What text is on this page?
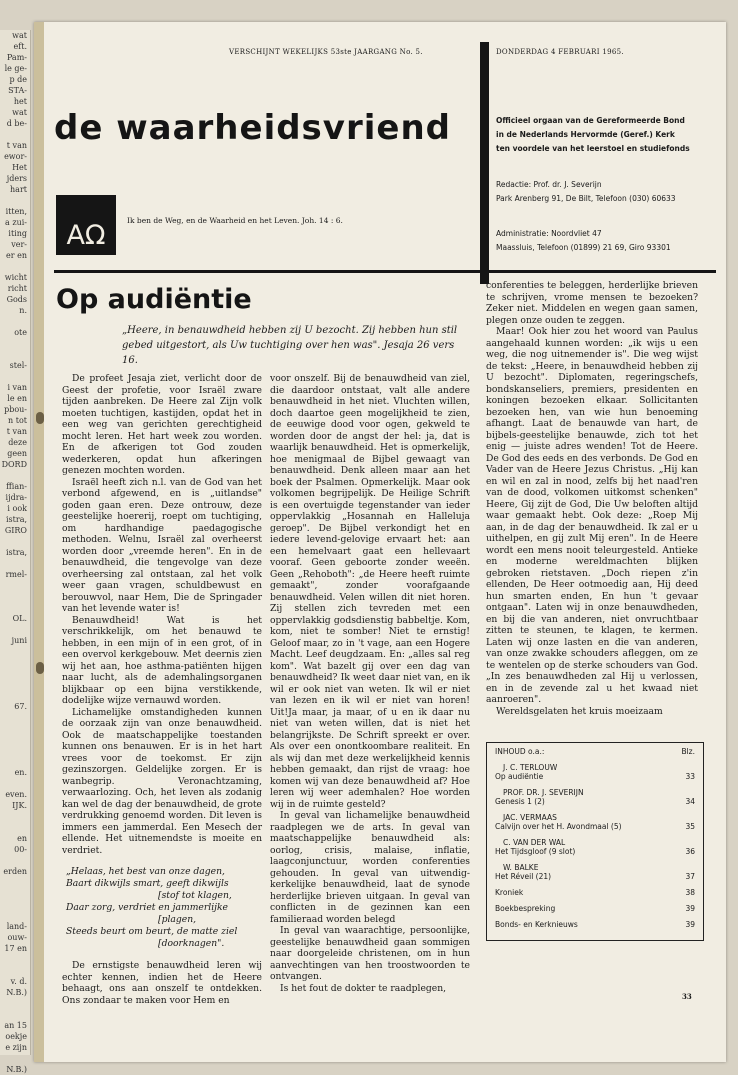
wat
eft.
Pam-
le ge-
p de
STA-
het
wat
d be-

t van
ewor-
Het
jders
hart

itten,
a zui-
iting
ver-
er en

wicht
richt
Gods
n.

ote

stel-

i van
le en
pbou-
n tot
t van
deze
geen
DORD

ffian-
ijdra-
i ook
istra,
GIRO

istra,

rmel-

OL.

juni

67.

en.

even.
IJK.

en
00-

erden

land-
ouw-
17 en

v. d.
N.B.)

an 15
oekje
e zijn

N.B.)
VERSCHIJNT WEKELIJKS 53ste JAARGANG No. 5.	DONDERDAG 4 FEBRUARI 1965.
de waarheidsvriend
ΑΩ	Ik ben de Weg, en de Waarheid en het Leven. Joh. 14 : 6.
Officieel orgaan van de Gereformeerde Bond
in de Nederlands Hervormde (Geref.) Kerk
ten voordele van het leerstoel en studiefonds
Redactie: Prof. dr. J. Severijn
Park Arenberg 91, De Bilt, Telefoon (030) 60633
Administratie: Noordvliet 47
Maassluis, Telefoon (01899) 21 69, Giro 93301
Op audiëntie
„Heere, in benauwdheid hebben zij U bezocht. Zij hebben hun stil gebed uitgestort, als Uw tuchtiging over hen was". Jesaja 26 vers 16.

De profeet Jesaja ziet, verlicht door de Geest der profetie, voor Israël zware tijden aanbreken. De Heere zal Zijn volk moeten tuchtigen, kastijden, opdat het in een weg van gerichten gerechtigheid mocht leren. Het hart week zou worden. En de afkerigen tot God zouden wederkeren, opdat hun afkeringen genezen mochten worden.

Israël heeft zich n.l. van de God van het verbond afgewend, en is „uitlandse" goden gaan eren. Deze ontrouw, deze geestelijke hoererij, roept om tuchtiging, om hardhandige paedagogische methoden. Welnu, Israël zal overheerst worden door „vreemde heren". En in de benauwdheid, die tengevolge van deze overheersing zal ontstaan, zal het volk weer gaan vragen, schuldbewust en berouwvol, naar Hem, Die de Springader van het levende water is!

Benauwdheid! Wat is het verschrikkelijk, om het benauwd te hebben, in een mijn of in een grot, of in een overvol kerkgebouw. Met deernis zien wij het aan, hoe asthma-patiënten hijgen naar lucht, als de ademhalingsorganen blijkbaar op een bijna verstikkende, dodelijke wijze vernauwd worden.

Lichamelijke omstandigheden kunnen de oorzaak zijn van onze benauwdheid. Ook de maatschappelijke toestanden kunnen ons benauwen. Er is in het hart vrees voor de toekomst. Er zijn gezinszorgen. Geldelijke zorgen. Er is wanbegrip. Veronachtzaming, verwaarlozing. Och, het leven als zodanig kan wel de dag der benauwdheid, de grote verdrukking genoemd worden. Dit leven is immers een jammerdal. Een Mesech der ellende. Het uitnemendste is moeite en verdriet.

„Helaas, het best van onze dagen,
Baart dikwijls smart, geeft dikwijls
[stof tot klagen,
Daar zorg, verdriet en jammerlijke
[plagen,
Steeds beurt om beurt, de matte ziel
[doorknagen".

De ernstigste benauwdheid leren wij echter kennen, indien het de Heere behaagt, ons aan onszelf te ontdekken. Ons zondaar te maken voor Hem en

voor onszelf. Bij de benauwdheid van ziel, die daardoor ontstaat, valt alle andere benauwdheid in het niet. Vluchten willen, doch daartoe geen mogelijkheid te zien, de eeuwige dood voor ogen, gekweld te worden door de angst der hel: ja, dat is waarlijk benauwdheid. Het is opmerkelijk, hoe menigmaal de Bijbel gewaagt van benauwdheid. Denk alleen maar aan het boek der Psalmen. Opmerkelijk. Maar ook volkomen begrijpelijk. De Heilige Schrift is een overtuigde tegenstander van ieder oppervlakkig „Hosannah en Halleluja geroep". De Bijbel verkondigt het en iedere levend-gelovige ervaart het: aan een hemelvaart gaat een hellevaart vooraf. Geen geboorte zonder weeën. Geen „Rehoboth": „de Heere heeft ruimte gemaakt", zonder voorafgaande benauwdheid. Velen willen dit niet horen. Zij stellen zich tevreden met een oppervlakkig godsdienstig babbeltje. Kom, kom, niet te somber! Niet te ernstig! Geloof maar, zo in 't vage, aan een Hogere Macht. Leef deugdzaam. En: „alles sal reg kom". Wat bazelt gij over een dag van benauwdheid? Ik weet daar niet van, en ik wil er ook niet van weten. Ik wil er niet van lezen en ik wil er niet van horen! Uit!Ja maar, ja maar, of u en ik daar nu niet van weten willen, dat is niet het belangrijkste. De Schrift spreekt er over. Als over een onontkoombare realiteit. En als wij dan met deze werkelijkheid kennis hebben gemaakt, dan rijst de vraag: hoe komen wij van deze benauwdheid af? Hoe leren wij weer ademhalen? Hoe worden wij in de ruimte gesteld?

In geval van lichamelijke benauwdheid raadplegen we de arts. In geval van maatschappelijke benauwdheid als: oorlog, crisis, malaise, inflatie, laagconjunctuur, worden conferenties gehouden. In geval van uitwendig-kerkelijke benauwdheid, laat de synode herderlijke brieven uitgaan. In geval van conflicten in de gezinnen kan een familieraad worden belegd

In geval van waarachtige, persoonlijke, geestelijke benauwdheid gaan sommigen naar doorgeleide christenen, om in hun aanvechtingen van hen troostwoorden te ontvangen.

Is het fout de dokter te raadplegen,

conferenties te beleggen, herderlijke brieven te schrijven, vrome mensen te bezoeken? Zeker niet. Middelen en wegen gaan samen, plegen onze ouden te zeggen.

Maar! Ook hier zou het woord van Paulus aangehaald kunnen worden: „ik wijs u een weg, die nog uitnemender is". Die weg wijst de tekst: „Heere, in benauwdheid hebben zij U bezocht". Diplomaten, regeringschefs, bondskanseliers, premiers, presidenten en koningen bezoeken elkaar. Sollicitanten bezoeken hen, van wie hun benoeming afhangt. Laat de benauwde van hart, de bijbels-geestelijke benauwde, zich tot het enig — juiste adres wenden! Tot de Heere. De God des eeds en des verbonds. De God en Vader van de Heere Jezus Christus. „Hij kan en wil en zal in nood, zelfs bij het naad'ren van de dood, volkomen uitkomst schenken" Heere, Gij zijt de God, Die Uw beloften altijd waar gemaakt hebt. Ook deze: „Roep Mij aan, in de dag der benauwdheid. Ik zal er u uithelpen, en gij zult Mij eren". In de Heere wordt een mens nooit teleurgesteld. Antieke en moderne wereldmachten blijken gebroken rietstaven. „Doch riepen z'in ellenden, De Heer ootmoedig aan, Hij deed hun smarten enden, En hun 't gevaar ontgaan". Laten wij in onze benauwdheden, en bij die van anderen, niet onvruchtbaar zitten te steunen, te klagen, te kermen. Laten wij onze lasten en die van anderen, van onze zwakke schouders afleggen, om ze te wentelen op de sterke schouders van God. „In zes benauwdheden zal Hij u verlossen, en in de zevende zal u het kwaad niet aanroeren".

Wereldsgelaten het kruis moeizaam

INHOUD o.a.:	Blz.
J. C. TERLOUW
Op audiëntie	33
PROF. DR. J. SEVERIJN
Genesis 1 (2)	34
JAC. VERMAAS
Calvijn over het H. Avondmaal (5)	35
C. VAN DER WAL
Het Tijdsgloof (9 slot)	36
W. BALKE
Het Réveil (21)	37
Kroniek	38
Boekbespreking	39
Bonds- en Kerknieuws	39
33
